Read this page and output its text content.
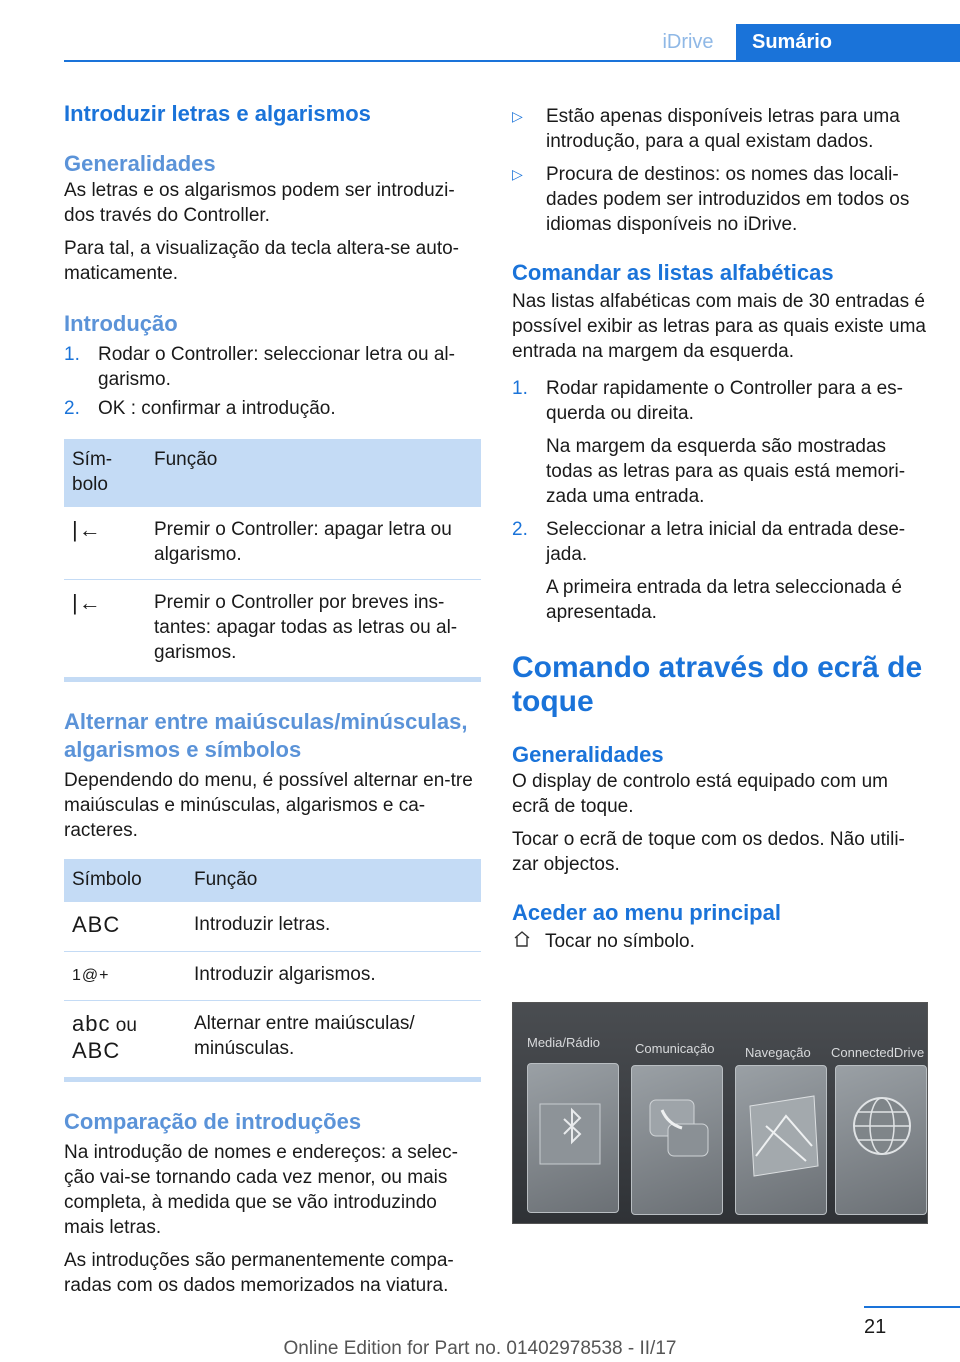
iDrive	Sumário
Introduzir letras e algarismos
Generalidades

As letras e os algarismos podem ser introduzi-dos través do Controller.

Para tal, a visualização da tecla altera-se auto-maticamente.

Introdução
1. Rodar o Controller: seleccionar letra ou al-garismo.
2. OK : confirmar a introdução.
Sím-bolo	Função
|←	Premir o Controller: apagar letra ou algarismo.
|←	Premir o Controller por breves ins-tantes: apagar todas as letras ou al-garismos.
Alternar entre maiúsculas/minúsculas, algarismos e símbolos

Dependendo do menu, é possível alternar en-tre maiúsculas e minúsculas, algarismos e ca-racteres.

Símbolo	Função
ABC	Introduzir letras.
1@+	Introduzir algarismos.
abc ou
ABC	Alternar entre maiúsculas/ minúsculas.
Comparação de introduções

Na introdução de nomes e endereços: a selec-ção vai-se tornando cada vez menor, ou mais completa, à medida que se vão introduzindo mais letras.

As introduções são permanentemente compa-radas com os dados memorizados na viatura.

▷	Estão apenas disponíveis letras para uma introdução, para a qual existam dados.
▷	Procura de destinos: os nomes das locali-dades podem ser introduzidos em todos os idiomas disponíveis no iDrive.
Comandar as listas alfabéticas

Nas listas alfabéticas com mais de 30 entradas é possível exibir as letras para as quais existe uma entrada na margem da esquerda.

1. Rodar rapidamente o Controller para a es-querda ou direita.
Na margem da esquerda são mostradas todas as letras para as quais está memori-zada uma entrada.
2. Seleccionar a letra inicial da entrada dese-jada.
A primeira entrada da letra seleccionada é apresentada.
Comando através do ecrã de toque
Generalidades

O display de controlo está equipado com um ecrã de toque.

Tocar o ecrã de toque com os dedos. Não utili-zar objectos.

Aceder ao menu principal

Tocar no símbolo.

Media/Rádio	Comunicação Navegação ConnectedDrive
21
Online Edition for Part no. 01402978538 - II/17
